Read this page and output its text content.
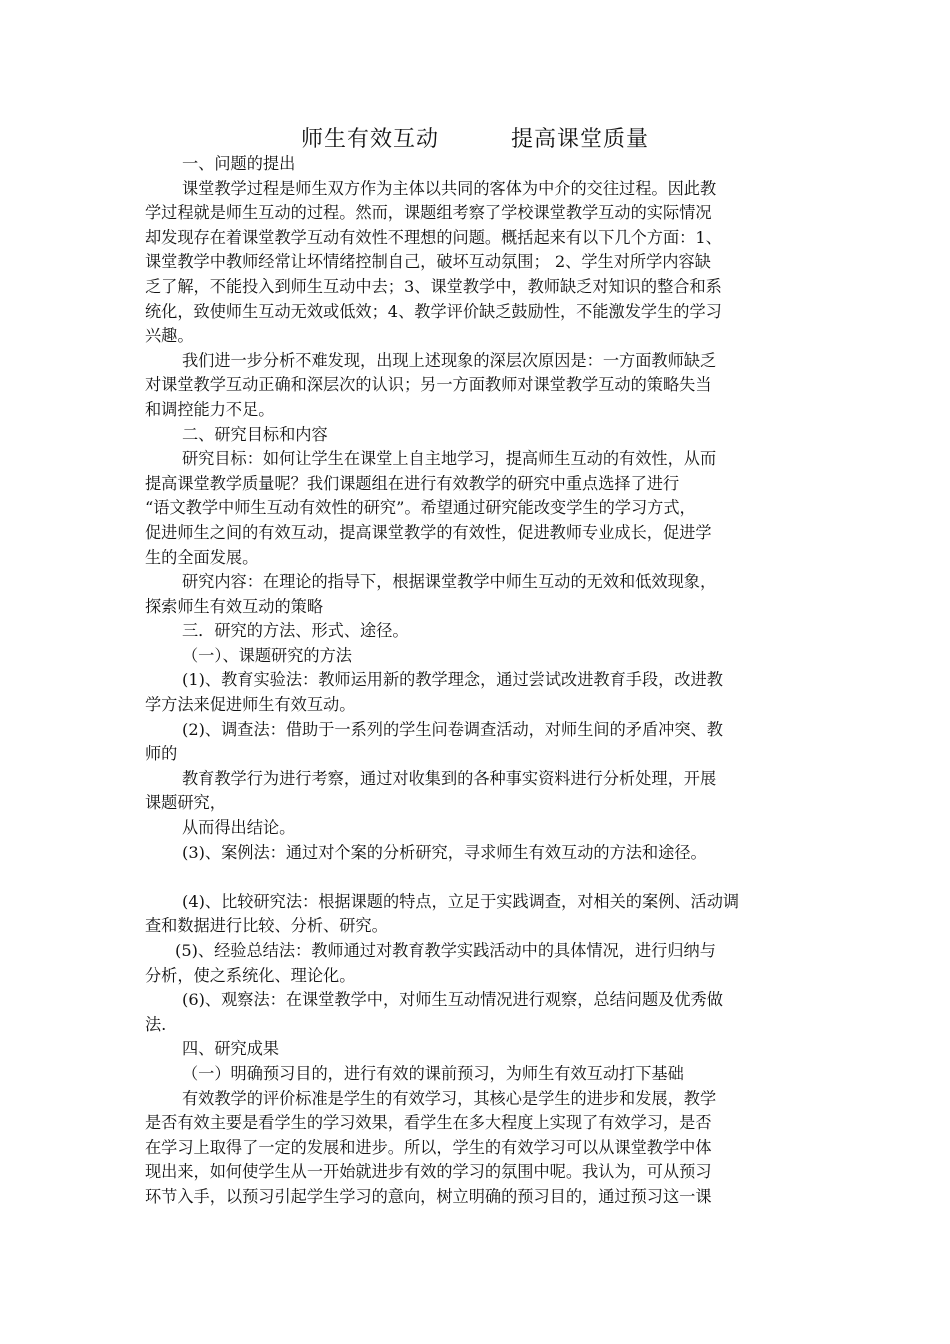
师生有效互动	提高课堂质量
一、问题的提出
课堂教学过程是师生双方作为主体以共同的客体为中介的交往过程。因此教
学过程就是师生互动的过程。然而，课题组考察了学校课堂教学互动的实际情况
却发现存在着课堂教学互动有效性不理想的问题。概括起来有以下几个方面：1、
课堂教学中教师经常让坏情绪控制自己，破坏互动氛围； 2、学生对所学内容缺
乏了解，不能投入到师生互动中去；3、课堂教学中，教师缺乏对知识的整合和系
统化，致使师生互动无效或低效；4、教学评价缺乏鼓励性，不能激发学生的学习
兴趣。
我们进一步分析不难发现，出现上述现象的深层次原因是：一方面教师缺乏
对课堂教学互动正确和深层次的认识；另一方面教师对课堂教学互动的策略失当
和调控能力不足。
二、研究目标和内容
研究目标：如何让学生在课堂上自主地学习，提高师生互动的有效性，从而
提高课堂教学质量呢？我们课题组在进行有效教学的研究中重点选择了进行
“语文教学中师生互动有效性的研究”。希望通过研究能改变学生的学习方式，
促进师生之间的有效互动，提高课堂教学的有效性，促进教师专业成长，促进学
生的全面发展。
研究内容：在理论的指导下，根据课堂教学中师生互动的无效和低效现象，
探索师生有效互动的策略
三．研究的方法、形式、途径。
（一）、课题研究的方法
(1)、教育实验法：教师运用新的教学理念，通过尝试改进教育手段，改进教
学方法来促进师生有效互动。
(2)、调查法：借助于一系列的学生问卷调查活动，对师生间的矛盾冲突、教
师的
教育教学行为进行考察，通过对收集到的各种事实资料进行分析处理，开展
课题研究，
从而得出结论。
(3)、案例法：通过对个案的分析研究，寻求师生有效互动的方法和途径。
(4)、比较研究法：根据课题的特点，立足于实践调查，对相关的案例、活动调
查和数据进行比较、分析、研究。
(5)、经验总结法：教师通过对教育教学实践活动中的具体情况，进行归纳与
分析，使之系统化、理论化。
(6)、观察法：在课堂教学中，对师生互动情况进行观察，总结问题及优秀做
法.
四、研究成果
（一）明确预习目的，进行有效的课前预习，为师生有效互动打下基础
有效教学的评价标准是学生的有效学习，其核心是学生的进步和发展，教学
是否有效主要是看学生的学习效果，看学生在多大程度上实现了有效学习，是否
在学习上取得了一定的发展和进步。所以，学生的有效学习可以从课堂教学中体
现出来，如何使学生从一开始就进步有效的学习的氛围中呢。我认为，可从预习
环节入手，以预习引起学生学习的意向，树立明确的预习目的，通过预习这一课
